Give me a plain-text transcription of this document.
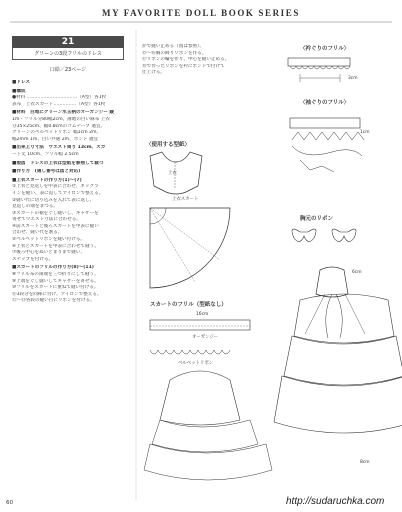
MY FAVORITE DOLL BOOK SERIES
21
グリーンの3段フリルのドレス
口絵／23ページ

■ドレス

■構成

●材料 ……………………………（A型）各1枚

表布　上衣スカート……………（A型）各1枚

■材料　白地にグリーン水玉柄のオーガンジー 縦

1m・フリル分80幅2cm、薄地の白い麻布 上衣

分35×25cm、幅0.8cmのゴムテープ 適宜、

グリーンのベルベットリボン 幅1cm 2m、

幅2mm 1m、白い共通 2m、ボンド 適宜

■出来上り寸法　ウエスト周り 13cm、スカ

ート丈 10cm、フリル幅 2.5cm

■製図　ドレスの上衣は型紙を参照して裁つ

■作り方　(通し番号は図と対応)

■上衣スカートの作り方(1)〜(7)

①上衣と見返しを中表に合わせ、ネックラ

インを縫い、表に返してアイロンで整える。

②縫い代に切り込みを入れて表に返し、

見返しの端をまつる。

③スカートの裾をぐし縫いし、ギャザーを

寄せてウエスト寸法に合わせる。

④前スカートと後ろスカートを中表に縫い

合わせ、縫い代を割る。

⑤ベルベットリボンを縫い付ける。

⑥上衣とスカートを中表に合わせて縫う。

⑦後ろ中心をぬいどまりまで縫い、

スナップを付ける。

■スカートのフリルの作り方(8)〜(11)

⑧フリル布の両端を三つ折りにして縫う。

⑨上端をぐし縫いしてギャザーを寄せる。

⑩フリルをスカートに重ねて縫い付ける。

⑪3段分を同様に付け、アイロンで整える。

⑫〜⑬各段の縫い目にリボンを付ける。

かで縫い止める（図は参照）。

⑮〜⑯胸の飾りリボンを作る。

⑰リボンの輪を作り、中心を縫い止める。

⑱で作ったリボンを衿にボンドで付けて

仕上げる。

〈衿ぐりのフリル〉
〈袖ぐりのフリル〉
〈使用する型紙〉
上衣
上衣スカート
スカートのフリル（型紙なし）
16cm
オーガンジー
ベルベットリボン
胸元のリボン
3cm
1cm
6cm
8cm
60	http://sudaruchka.com
